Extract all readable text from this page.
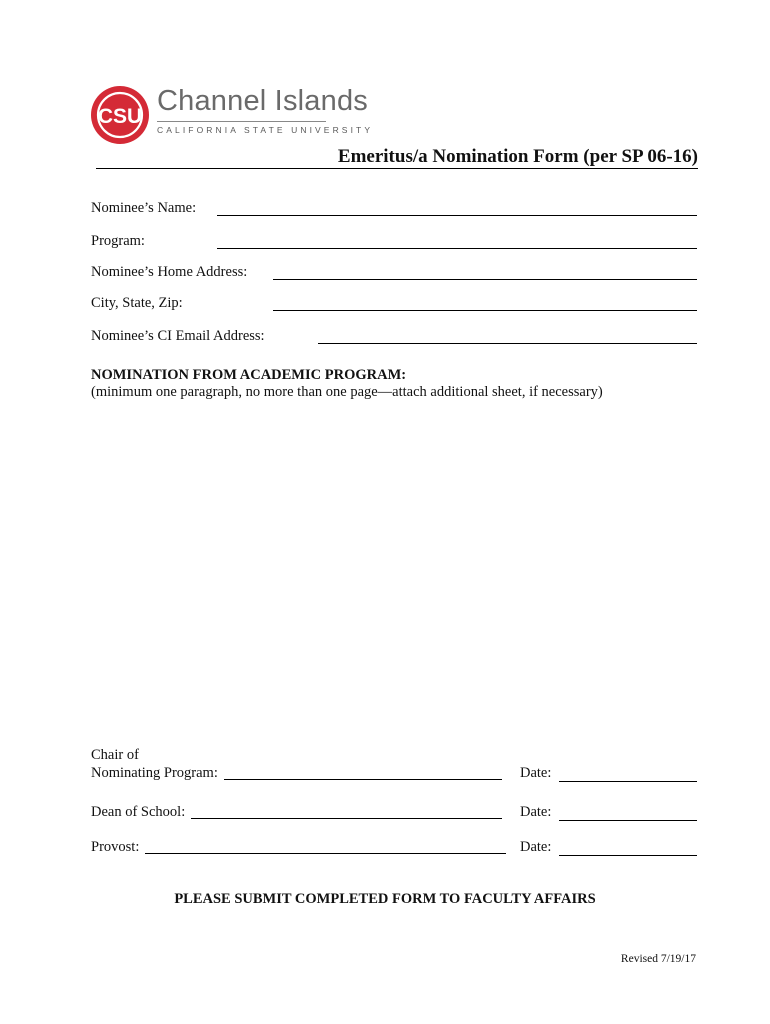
CSU Channel Islands
CALIFORNIA STATE UNIVERSITY
Emeritus/a Nomination Form (per SP 06-16)
Nominee’s Name:
Program:
Nominee’s Home Address:
City, State, Zip:
Nominee’s CI Email Address:
NOMINATION FROM ACADEMIC PROGRAM:
(minimum one paragraph, no more than one page—attach additional sheet, if necessary)
Chair of
Nominating Program:	Date:
Dean of School:	Date:
Provost:	Date:
PLEASE SUBMIT COMPLETED FORM TO FACULTY AFFAIRS
Revised 7/19/17
